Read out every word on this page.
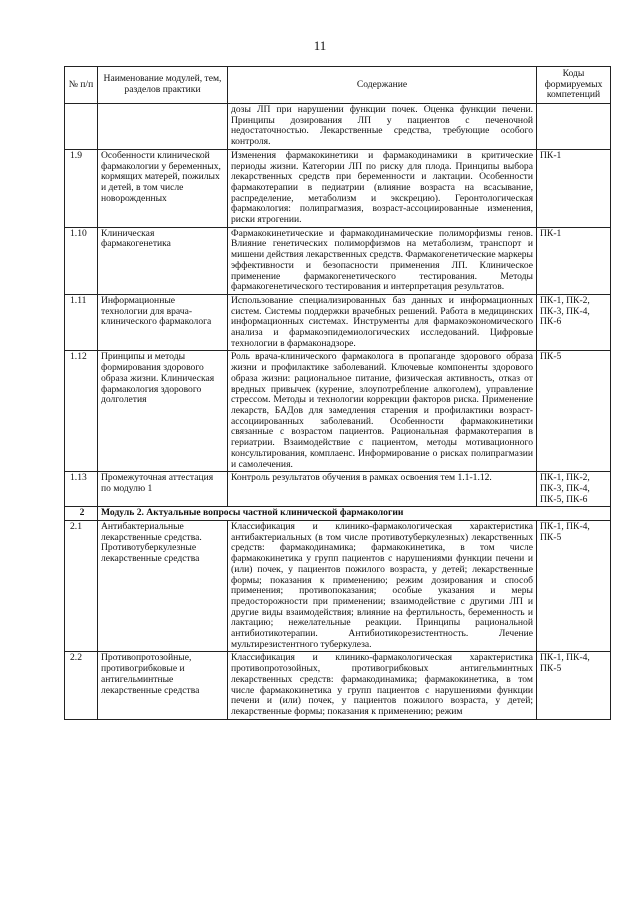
11
№ п/п	Наименование модулей, тем, разделов практики	Содержание	Коды формируемых компетенций
		дозы ЛП при нарушении функции почек. Оценка функции печени. Принципы дозирования ЛП у пациентов с печеночной недостаточностью. Лекарственные средства, требующие особого контроля.	
1.9	Особенности клинической фармакологии у беременных, кормящих матерей, пожилых и детей, в том числе новорожденных	Изменения фармакокинетики и фармакодинамики в критические периоды жизни. Категории ЛП по риску для плода. Принципы выбора лекарственных средств при беременности и лактации. Особенности фармакотерапии в педиатрии (влияние возраста на всасывание, распределение, метаболизм и экскрецию). Геронтологическая фармакология: полипрагмазия, возраст-ассоциированные изменения, риски ятрогении.	ПК-1
1.10	Клиническая фармакогенетика	Фармакокинетические и фармакодинамические полиморфизмы генов. Влияние генетических полиморфизмов на метаболизм, транспорт и мишени действия лекарственных средств. Фармакогенетические маркеры эффективности и безопасности применения ЛП. Клиническое применение фармакогенетического тестирования. Методы фармакогенетического тестирования и интерпретация результатов.	ПК-1
1.11	Информационные технологии для врача-клинического фармаколога	Использование специализированных баз данных и информационных систем. Системы поддержки врачебных решений. Работа в медицинских информационных системах. Инструменты для фармакоэкономического анализа и фармакоэпидемиологических исследований. Цифровые технологии в фармаконадзоре.	ПК-1, ПК-2, ПК-3, ПК-4, ПК-6
1.12	Принципы и методы формирования здорового образа жизни. Клиническая фармакология здорового долголетия	Роль врача-клинического фармаколога в пропаганде здорового образа жизни и профилактике заболеваний. Ключевые компоненты здорового образа жизни: рациональное питание, физическая активность, отказ от вредных привычек (курение, злоупотребление алкоголем), управление стрессом. Методы и технологии коррекции факторов риска. Применение лекарств, БАДов для замедления старения и профилактики возраст-ассоциированных заболеваний. Особенности фармакокинетики связанные с возрастом пациентов. Рациональная фармакотерапия в гериатрии. Взаимодействие с пациентом, методы мотивационного консультирования, комплаенс. Информирование о рисках полипрагмазии и самолечения.	ПК-5
1.13	Промежуточная аттестация по модулю 1	Контроль результатов обучения в рамках освоения тем 1.1-1.12.	ПК-1, ПК-2, ПК-3, ПК-4, ПК-5, ПК-6
2	Модуль 2. Актуальные вопросы частной клинической фармакологии		
2.1	Антибактериальные лекарственные средства. Противотуберкулезные лекарственные средства	Классификация и клинико-фармакологическая характеристика антибактериальных (в том числе противотуберкулезных) лекарственных средств: фармакодинамика; фармакокинетика, в том числе фармакокинетика у групп пациентов с нарушениями функции печени и (или) почек, у пациентов пожилого возраста, у детей; лекарственные формы; показания к применению; режим дозирования и способ применения; противопоказания; особые указания и меры предосторожности при применении; взаимодействие с другими ЛП и другие виды взаимодействия; влияние на фертильность, беременность и лактацию; нежелательные реакции. Принципы рациональной антибиотикотерапии. Антибиотикорезистентность. Лечение мультирезистентного туберкулеза.	ПК-1, ПК-4, ПК-5
2.2	Противопротозойные, противогрибковые и антигельминтные лекарственные средства	Классификация и клинико-фармакологическая характеристика противопротозойных, противогрибковых антигельминтных лекарственных средств: фармакодинамика; фармакокинетика, в том числе фармакокинетика у групп пациентов с нарушениями функции печени и (или) почек, у пациентов пожилого возраста, у детей; лекарственные формы; показания к применению; режим	ПК-1, ПК-4, ПК-5
